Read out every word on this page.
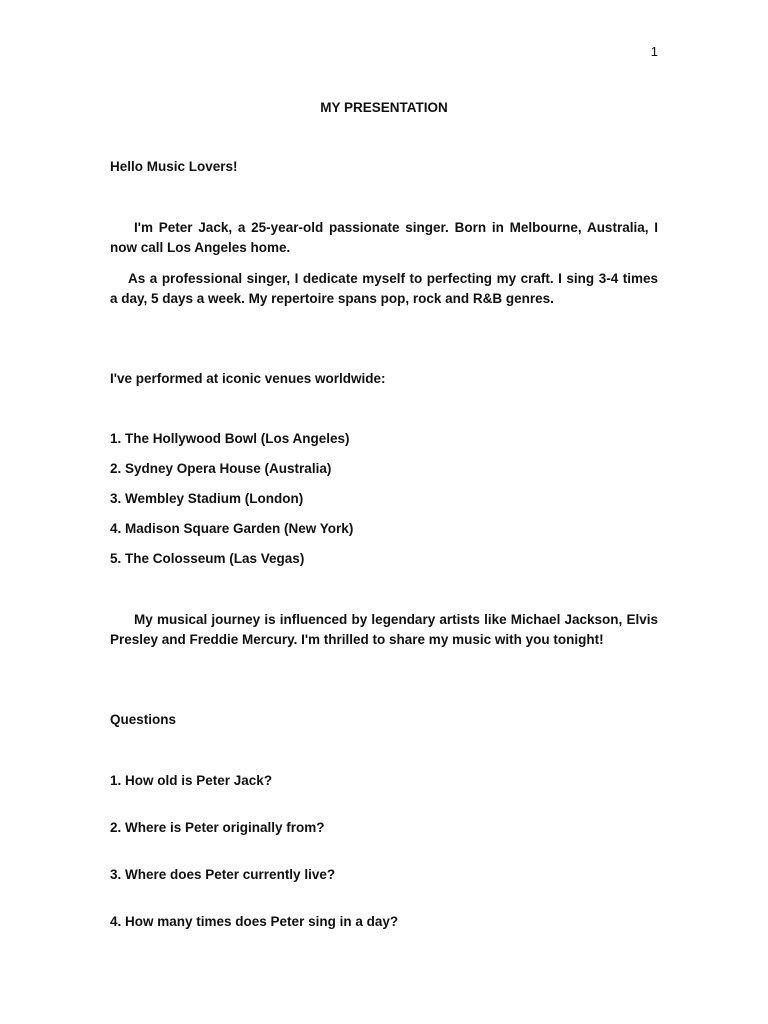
1
MY PRESENTATION
Hello Music Lovers!
I'm Peter Jack, a 25-year-old passionate singer. Born in Melbourne, Australia, I now call Los Angeles home.
As a professional singer, I dedicate myself to perfecting my craft. I sing 3-4 times a day, 5 days a week. My repertoire spans pop, rock and R&B genres.
I've performed at iconic venues worldwide:
1. The Hollywood Bowl (Los Angeles)
2. Sydney Opera House (Australia)
3. Wembley Stadium (London)
4. Madison Square Garden (New York)
5. The Colosseum (Las Vegas)
My musical journey is influenced by legendary artists like Michael Jackson, Elvis Presley and Freddie Mercury. I'm thrilled to share my music with you tonight!
Questions
1. How old is Peter Jack?
2. Where is Peter originally from?
3. Where does Peter currently live?
4. How many times does Peter sing in a day?
